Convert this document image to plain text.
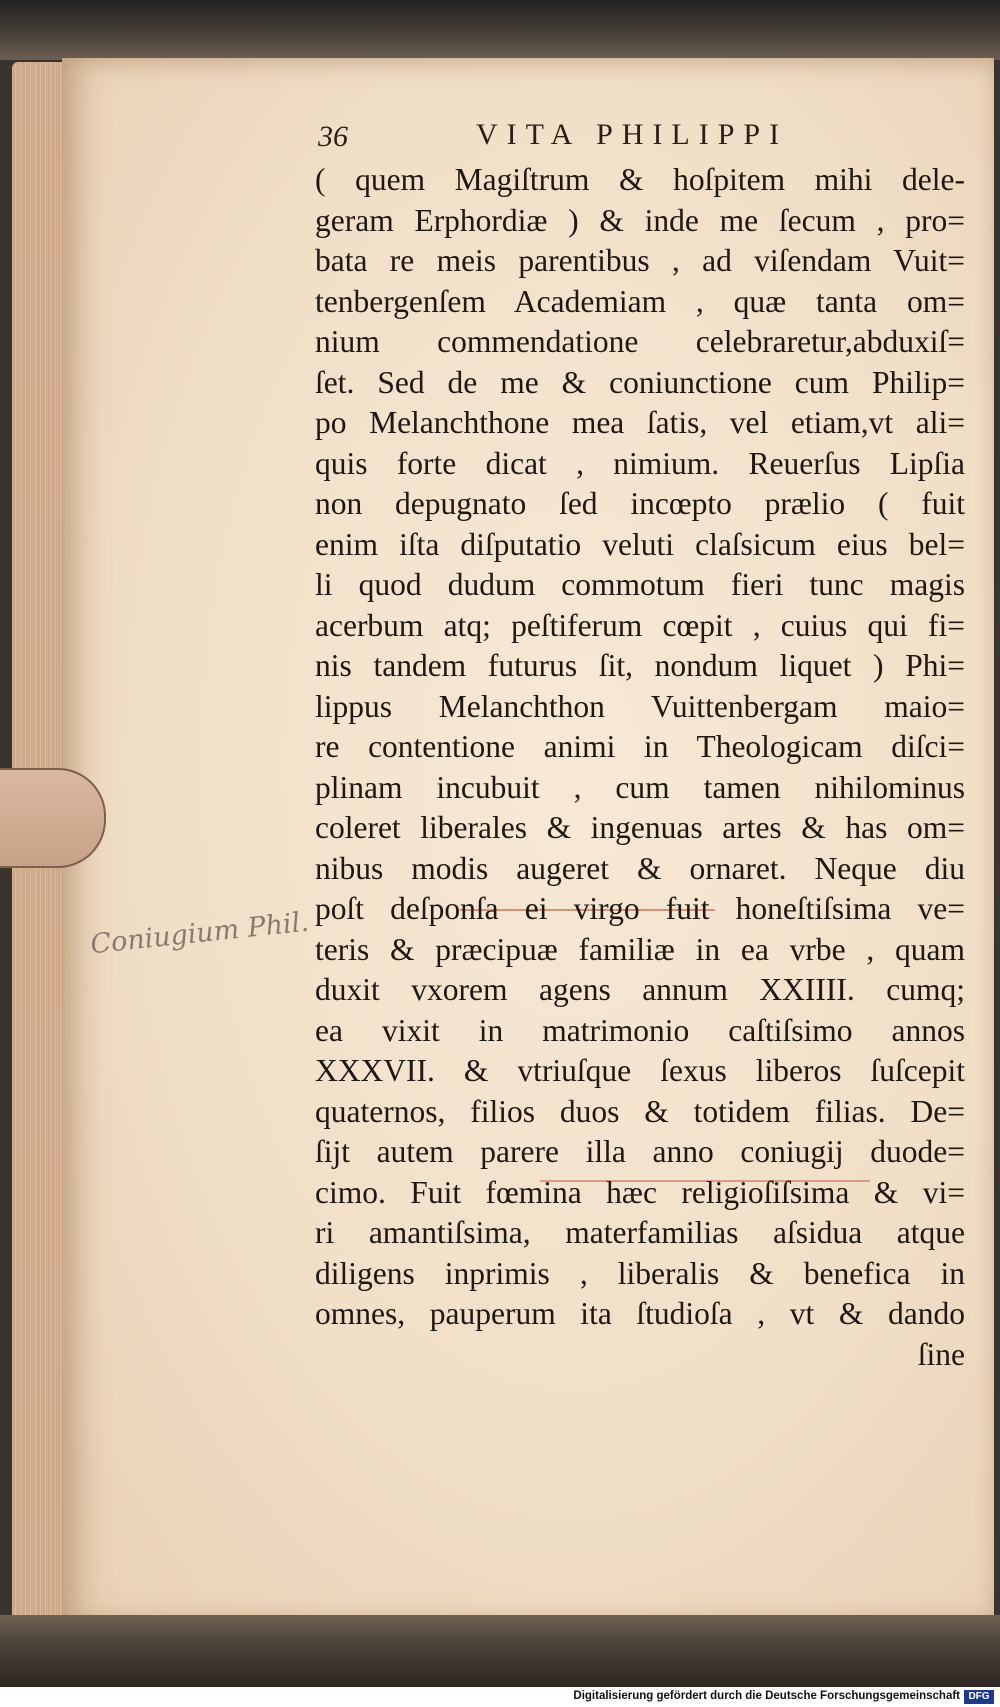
36	VITA PHILIPPI
Coniugium Phil.
( quem Magiſtrum & hoſpitem mihi dele-
geram Erphordiæ ) & inde me ſecum , pro=
bata re meis parentibus , ad viſendam Vuit=
tenbergenſem Academiam , quæ tanta om=
nium commendatione celebraretur,abduxiſ=
ſet. Sed de me & coniunctione cum Philip=
po Melanchthone mea ſatis, vel etiam,vt ali=
quis forte dicat , nimium. Reuerſus Lipſia
non depugnato ſed incœpto prælio ( fuit
enim iſta diſputatio veluti claſsicum eius bel=
li quod dudum commotum fieri tunc magis
acerbum atq; peſtiferum cœpit , cuius qui fi=
nis tandem futurus ſit, nondum liquet ) Phi=
lippus Melanchthon Vuittenbergam maio=
re contentione animi in Theologicam diſci=
plinam incubuit , cum tamen nihilominus
coleret liberales & ingenuas artes & has om=
nibus modis augeret & ornaret. Neque diu
poſt deſponſa ei virgo fuit honeſtiſsima ve=
teris & præcipuæ familiæ in ea vrbe , quam
duxit vxorem agens annum XXIIII. cumq;
ea vixit in matrimonio caſtiſsimo annos
XXXVII. & vtriuſque ſexus liberos ſuſcepit
quaternos, filios duos & totidem filias. De=
ſijt autem parere illa anno coniugij duode=
cimo. Fuit fœmina hæc religioſiſsima & vi=
ri amantiſsima, materfamilias aſsidua atque
diligens inprimis , liberalis & benefica in
omnes, pauperum ita ſtudioſa , vt & dando
ſine
Digitalisierung gefördert durch die Deutsche Forschungsgemeinschaft DFG
